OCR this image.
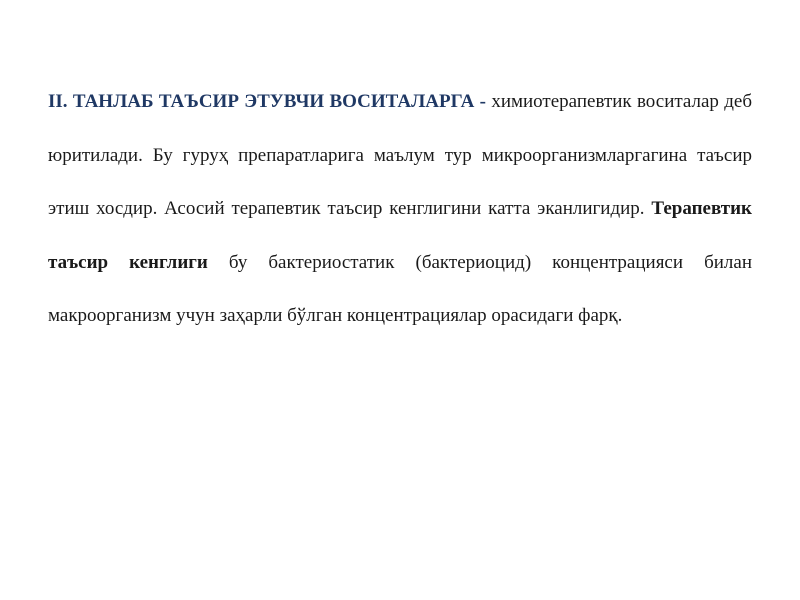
II. ТАНЛАБ ТАЪСИР ЭТУВЧИ ВОСИТАЛАРГА - химиотерапевтик воситалар деб юритилади. Бу гуруҳ препаратларига маълум тур микроорганизмларгагина таъсир этиш хосдир. Асосий терапевтик таъсир кенглигини катта эканлигидир. Терапевтик таъсир кенглиги бу бактериостатик (бактериоцид) концентрацияси билан макроорганизм учун заҳарли бўлган концентрациялар орасидаги фарқ.
